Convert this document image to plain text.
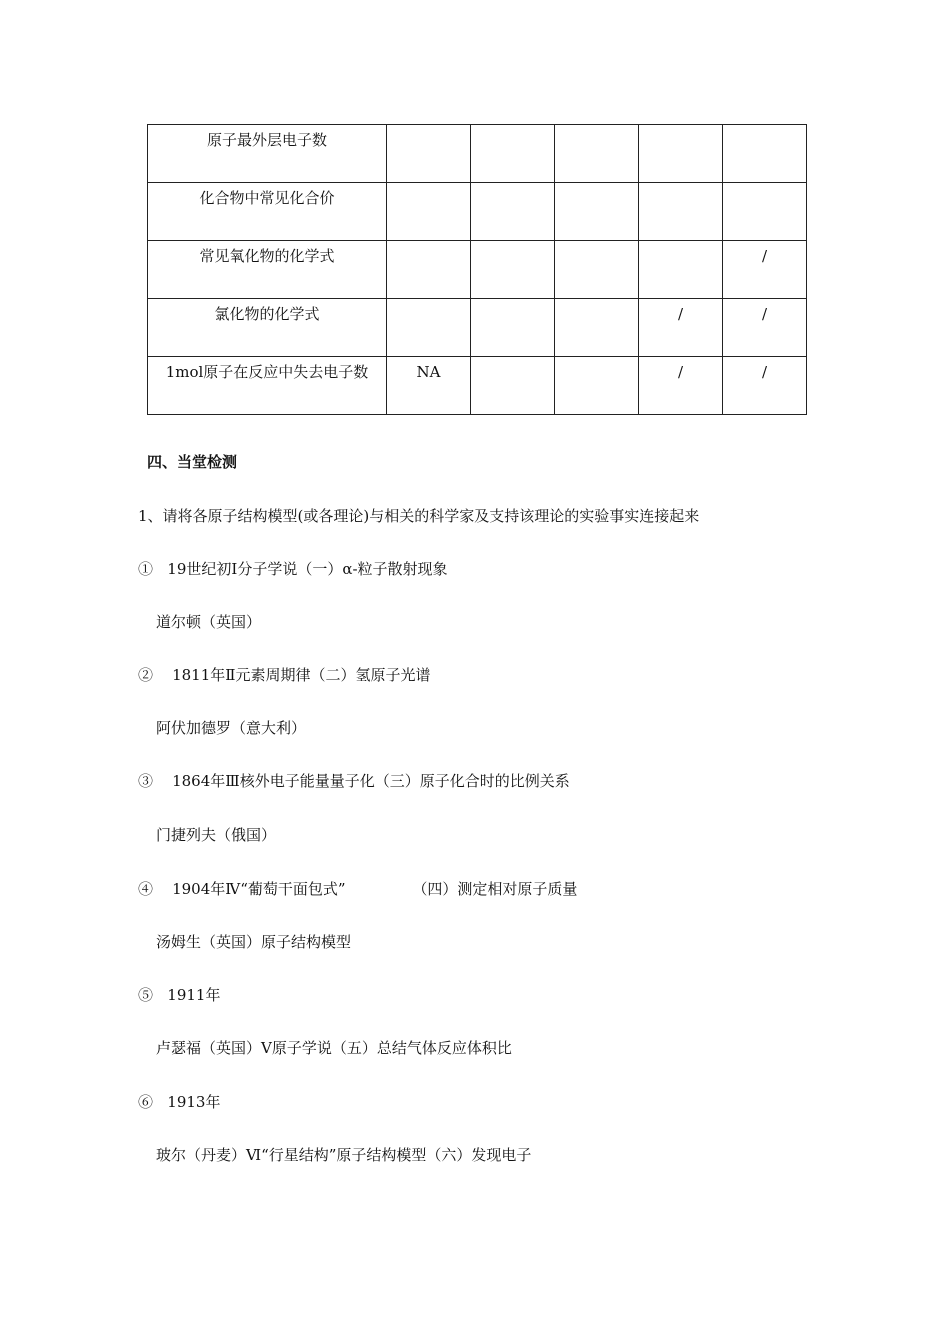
原子最外层电子数					
化合物中常见化合价					
常见氧化物的化学式					/
氯化物的化学式				/	/
1mol原子在反应中失去电子数	NA			/	/
四、当堂检测
1、请将各原子结构模型(或各理论)与相关的科学家及支持该理论的实验事实连接起来
①   19世纪初Ⅰ分子学说（一）α-粒子散射现象
道尔顿（英国）
②    1811年Ⅱ元素周期律（二）氢原子光谱
阿伏加德罗（意大利）
③    1864年Ⅲ核外电子能量量子化（三）原子化合时的比例关系
门捷列夫（俄国）
④    1904年Ⅳ“葡萄干面包式”              （四）测定相对原子质量
汤姆生（英国）原子结构模型
⑤   1911年
卢瑟福（英国）Ⅴ原子学说（五）总结气体反应体积比
⑥   1913年
玻尔（丹麦）Ⅵ“行星结构”原子结构模型（六）发现电子
